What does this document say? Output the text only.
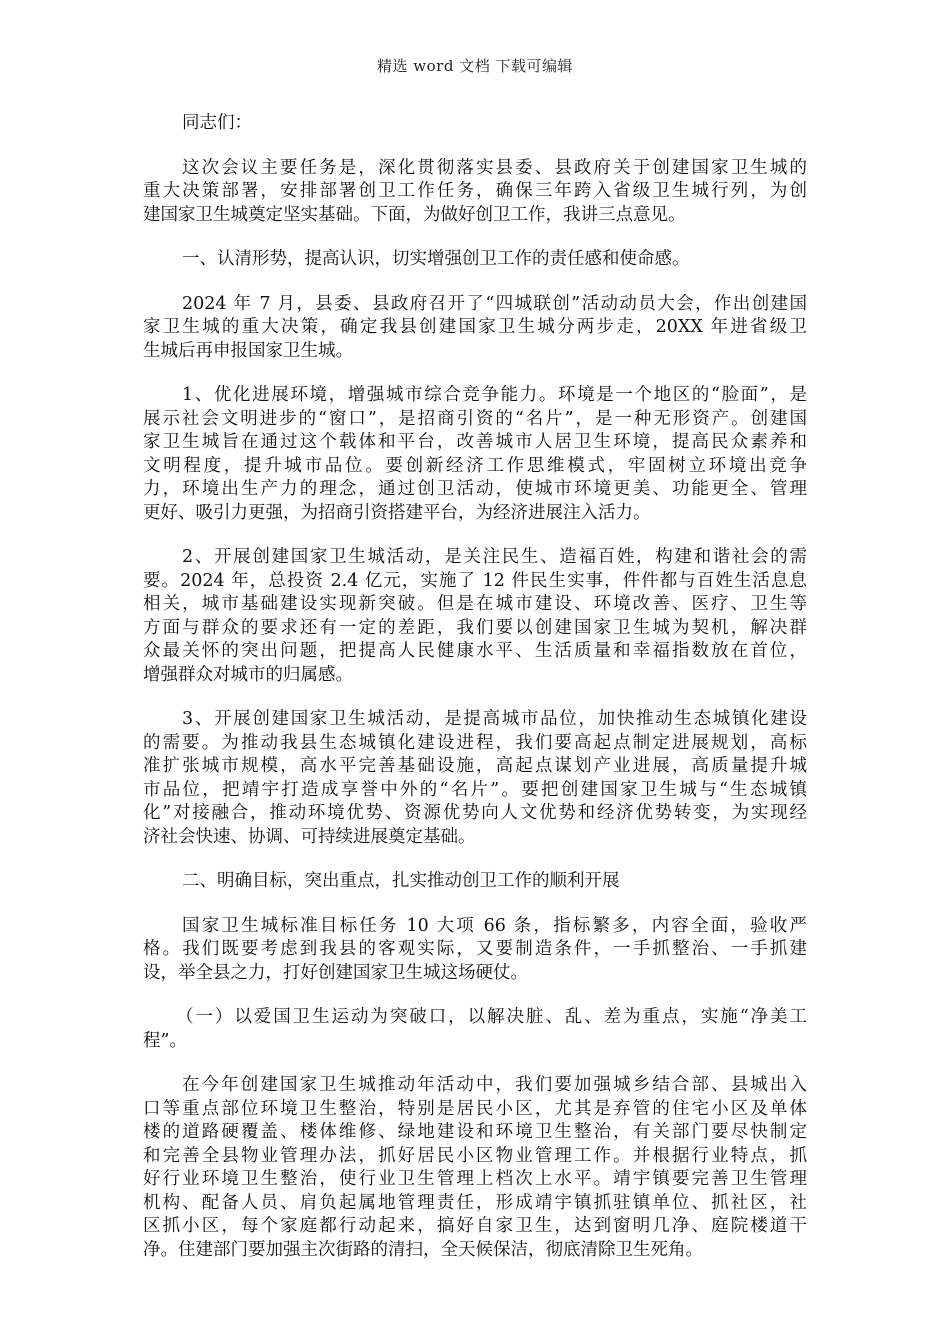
精选 word 文档 下载可编辑
同志们：
这次会议主要任务是，深化贯彻落实县委、县政府关于创建国家卫生城的
重大决策部署，安排部署创卫工作任务，确保三年跨入省级卫生城行列，为创
建国家卫生城奠定坚实基础。下面，为做好创卫工作，我讲三点意见。
一、认清形势，提高认识，切实增强创卫工作的责任感和使命感。
2024 年 7 月，县委、县政府召开了“四城联创”活动动员大会，作出创建国
家卫生城的重大决策，确定我县创建国家卫生城分两步走，20XX 年进省级卫
生城后再申报国家卫生城。
1、优化进展环境，增强城市综合竞争能力。环境是一个地区的“脸面”，是
展示社会文明进步的“窗口”，是招商引资的“名片”，是一种无形资产。创建国
家卫生城旨在通过这个载体和平台，改善城市人居卫生环境，提高民众素养和
文明程度，提升城市品位。要创新经济工作思维模式，牢固树立环境出竞争
力，环境出生产力的理念，通过创卫活动，使城市环境更美、功能更全、管理
更好、吸引力更强，为招商引资搭建平台，为经济进展注入活力。
2、开展创建国家卫生城活动，是关注民生、造福百姓，构建和谐社会的需
要。2024 年，总投资 2.4 亿元，实施了 12 件民生实事，件件都与百姓生活息息
相关，城市基础建设实现新突破。但是在城市建设、环境改善、医疗、卫生等
方面与群众的要求还有一定的差距，我们要以创建国家卫生城为契机，解决群
众最关怀的突出问题，把提高人民健康水平、生活质量和幸福指数放在首位，
增强群众对城市的归属感。
3、开展创建国家卫生城活动，是提高城市品位，加快推动生态城镇化建设
的需要。为推动我县生态城镇化建设进程，我们要高起点制定进展规划，高标
准扩张城市规模，高水平完善基础设施，高起点谋划产业进展，高质量提升城
市品位，把靖宇打造成享誉中外的“名片”。要把创建国家卫生城与“生态城镇
化”对接融合，推动环境优势、资源优势向人文优势和经济优势转变，为实现经
济社会快速、协调、可持续进展奠定基础。
二、明确目标，突出重点，扎实推动创卫工作的顺利开展
国家卫生城标准目标任务 10 大项 66 条，指标繁多，内容全面，验收严
格。我们既要考虑到我县的客观实际，又要制造条件，一手抓整治、一手抓建
设，举全县之力，打好创建国家卫生城这场硬仗。
（一）以爱国卫生运动为突破口，以解决脏、乱、差为重点，实施“净美工
程”。
在今年创建国家卫生城推动年活动中，我们要加强城乡结合部、县城出入
口等重点部位环境卫生整治，特别是居民小区，尤其是弃管的住宅小区及单体
楼的道路硬覆盖、楼体维修、绿地建设和环境卫生整治，有关部门要尽快制定
和完善全县物业管理办法，抓好居民小区物业管理工作。并根据行业特点，抓
好行业环境卫生整治，使行业卫生管理上档次上水平。靖宇镇要完善卫生管理
机构、配备人员、肩负起属地管理责任，形成靖宇镇抓驻镇单位、抓社区，社
区抓小区，每个家庭都行动起来，搞好自家卫生，达到窗明几净、庭院楼道干
净。住建部门要加强主次街路的清扫，全天候保洁，彻底清除卫生死角。
